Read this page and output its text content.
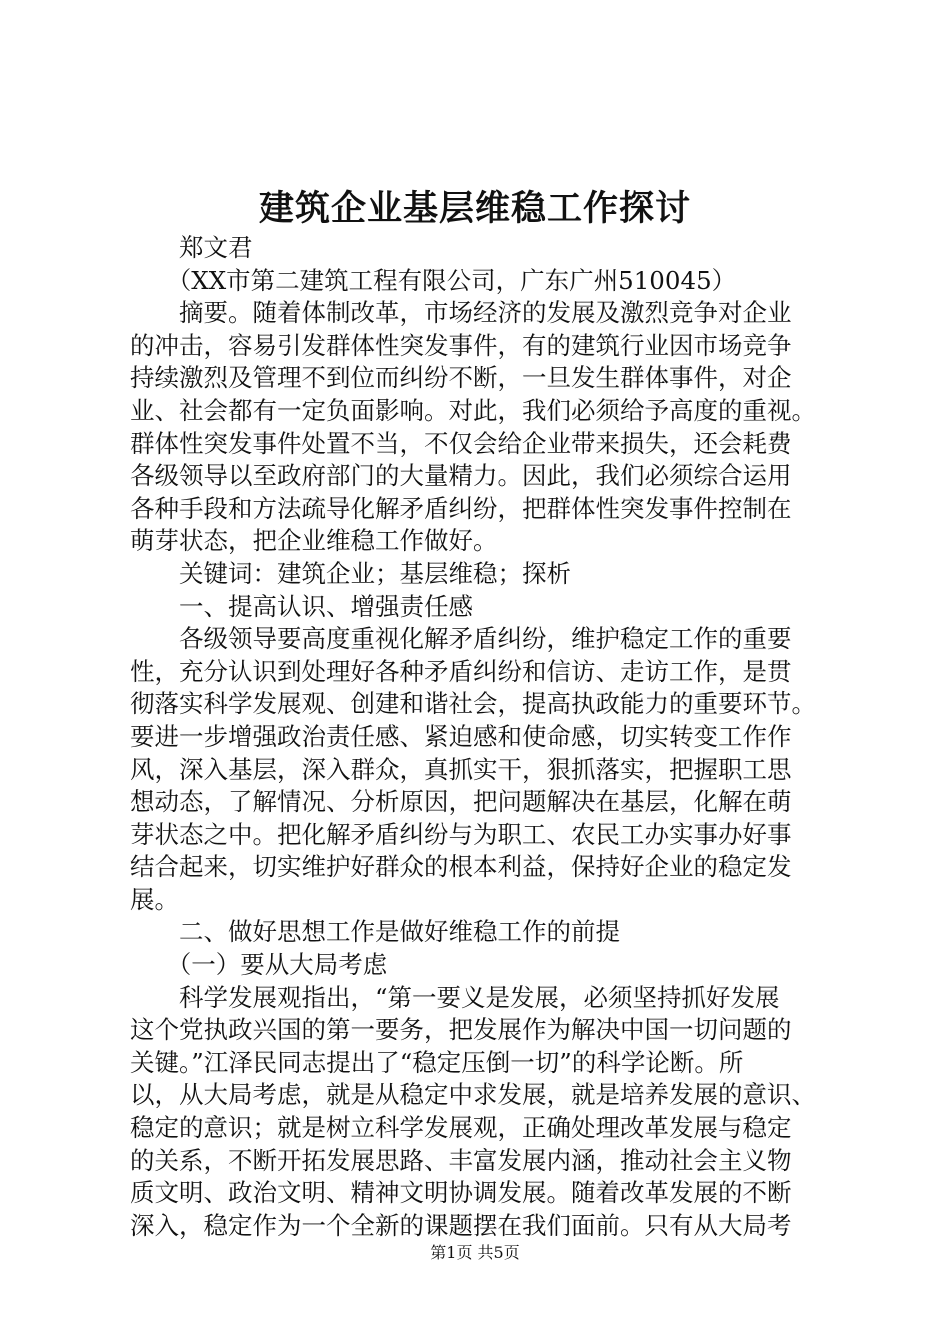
建筑企业基层维稳工作探讨
　　郑文君
　　（XX市第二建筑工程有限公司，广东广州510045）
　　摘要。随着体制改革，市场经济的发展及激烈竞争对企业
的冲击，容易引发群体性突发事件，有的建筑行业因市场竞争
持续激烈及管理不到位而纠纷不断，一旦发生群体事件，对企
业、社会都有一定负面影响。对此，我们必须给予高度的重视。
群体性突发事件处置不当，不仅会给企业带来损失，还会耗费
各级领导以至政府部门的大量精力。因此，我们必须综合运用
各种手段和方法疏导化解矛盾纠纷，把群体性突发事件控制在
萌芽状态，把企业维稳工作做好。
　　关键词：建筑企业；基层维稳；探析
　　一、提高认识、增强责任感
　　各级领导要高度重视化解矛盾纠纷，维护稳定工作的重要
性，充分认识到处理好各种矛盾纠纷和信访、走访工作，是贯
彻落实科学发展观、创建和谐社会，提高执政能力的重要环节。
要进一步增强政治责任感、紧迫感和使命感，切实转变工作作
风，深入基层，深入群众，真抓实干，狠抓落实，把握职工思
想动态，了解情况、分析原因，把问题解决在基层，化解在萌
芽状态之中。把化解矛盾纠纷与为职工、农民工办实事办好事
结合起来，切实维护好群众的根本利益，保持好企业的稳定发
展。
　　二、做好思想工作是做好维稳工作的前提
　　（一）要从大局考虑
　　科学发展观指出，“第一要义是发展，必须坚持抓好发展
这个党执政兴国的第一要务，把发展作为解决中国一切问题的
关键。”江泽民同志提出了“稳定压倒一切”的科学论断。所
以，从大局考虑，就是从稳定中求发展，就是培养发展的意识、
稳定的意识；就是树立科学发展观，正确处理改革发展与稳定
的关系，不断开拓发展思路、丰富发展内涵，推动社会主义物
质文明、政治文明、精神文明协调发展。随着改革发展的不断
深入，稳定作为一个全新的课题摆在我们面前。只有从大局考
第1页 共5页
